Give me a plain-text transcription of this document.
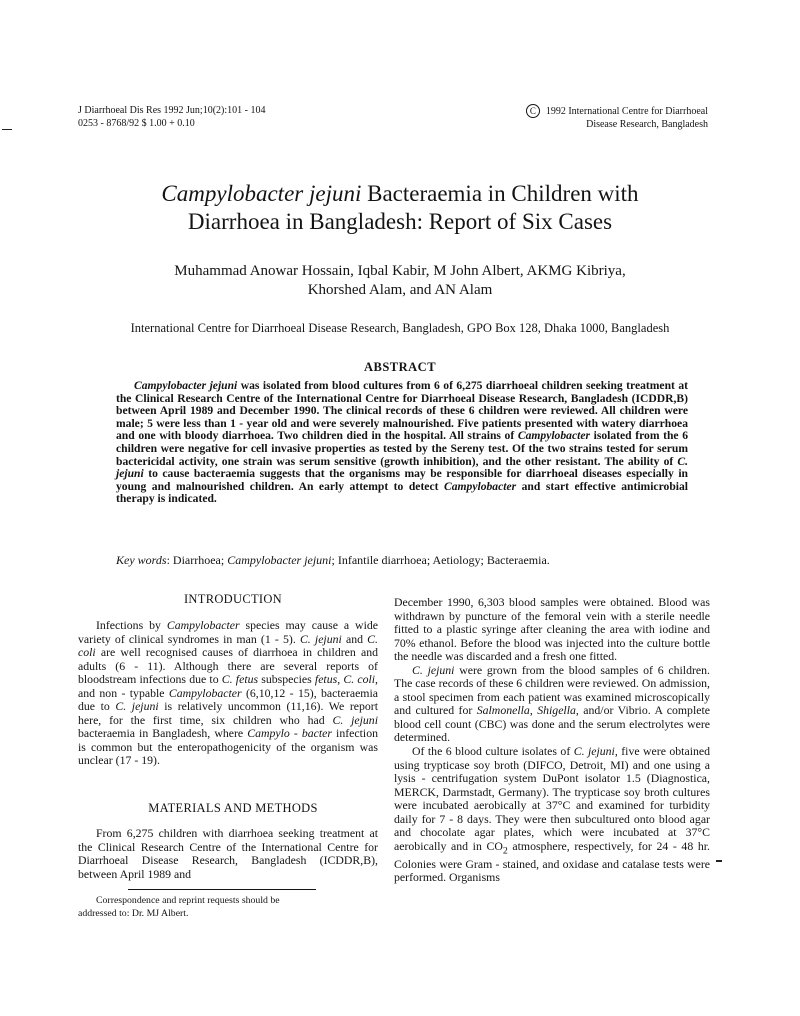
J Diarrhoeal Dis Res 1992 Jun;10(2):101 - 104
0253 - 8768/92 $ 1.00 + 0.10
C	1992 International Centre for Diarrhoeal
Disease Research, Bangladesh
Campylobacter jejuni Bacteraemia in Children with
Diarrhoea in Bangladesh: Report of Six Cases
Muhammad Anowar Hossain, Iqbal Kabir, M John Albert, AKMG Kibriya,
Khorshed Alam, and AN Alam
International Centre for Diarrhoeal Disease Research, Bangladesh, GPO Box 128, Dhaka 1000, Bangladesh
ABSTRACT
Campylobacter jejuni was isolated from blood cultures from 6 of 6,275 diarrhoeal children seeking treatment at the Clinical Research Centre of the International Centre for Diarrhoeal Disease Research, Bangladesh (ICDDR,B) between April 1989 and December 1990. The clinical records of these 6 children were reviewed. All children were male; 5 were less than 1 - year old and were severely malnourished. Five patients presented with watery diarrhoea and one with bloody diarrhoea. Two children died in the hospital. All strains of Campylobacter isolated from the 6 children were negative for cell invasive properties as tested by the Sereny test. Of the two strains tested for serum bactericidal activity, one strain was serum sensitive (growth inhibition), and the other resistant. The ability of C. jejuni to cause bacteraemia suggests that the organisms may be responsible for diarrhoeal diseases especially in young and malnourished children. An early attempt to detect Campylobacter and start effective antimicrobial therapy is indicated.
Key words: Diarrhoea; Campylobacter jejuni; Infantile diarrhoea; Aetiology; Bacteraemia.
INTRODUCTION

Infections by Campylobacter species may cause a wide variety of clinical syndromes in man (1 - 5). C. jejuni and C. coli are well recognised causes of diarrhoea in children and adults (6 - 11). Although there are several reports of bloodstream infections due to C. fetus subspecies fetus, C. coli, and non - typable Campylobacter (6,10,12 - 15), bacteraemia due to C. jejuni is relatively uncommon (11,16). We report here, for the first time, six children who had C. jejuni bacteraemia in Bangladesh, where Campylo - bacter infection is common but the enteropathogenicity of the organism was unclear (17 - 19).

MATERIALS AND METHODS

From 6,275 children with diarrhoea seeking treatment at the Clinical Research Centre of the International Centre for Diarrhoeal Disease Research, Bangladesh (ICDDR,B), between April 1989 and

Correspondence and reprint requests should be

addressed to: Dr. MJ Albert.

December 1990, 6,303 blood samples were obtained. Blood was withdrawn by puncture of the femoral vein with a sterile needle fitted to a plastic syringe after cleaning the area with iodine and 70% ethanol. Before the blood was injected into the culture bottle the needle was discarded and a fresh one fitted.

C. jejuni were grown from the blood samples of 6 children. The case records of these 6 children were reviewed. On admission, a stool specimen from each patient was examined microscopically and cultured for Salmonella, Shigella, and/or Vibrio. A complete blood cell count (CBC) was done and the serum electrolytes were determined.

Of the 6 blood culture isolates of C. jejuni, five were obtained using trypticase soy broth (DIFCO, Detroit, MI) and one using a lysis - centrifugation system DuPont isolator 1.5 (Diagnostica, MERCK, Darmstadt, Germany). The trypticase soy broth cultures were incubated aerobically at 37°C and examined for turbidity daily for 7 - 8 days. They were then subcultured onto blood agar and chocolate agar plates, which were incubated at 37°C aerobically and in $CO_2$ atmosphere, respectively, for 24 - 48 hr. Colonies were Gram - stained, and oxidase and catalase tests were performed. Organisms
